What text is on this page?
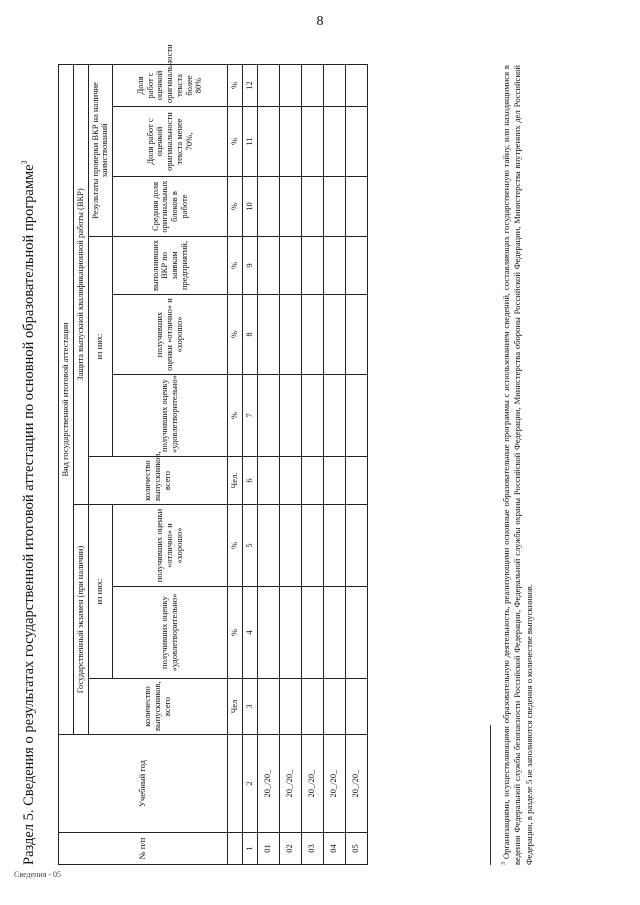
8
Раздел 5. Сведения о результатах государственной итоговой аттестации по основной образовательной программе$^3$
№ п/п	Учебный год	Вид государственной итоговой аттестации									
		Государственный экзамен (при наличии)			Защита выпускной квалификационной работы (ВКР)						
		количество выпускников, всего	из них:		количество выпускников, всего	из них:			Результаты проверки ВКР на наличие заимствований		
			получивших оценку «удовлетворительно»	получивших оценки «отлично» и «хорошо»		получивших оценку «удовлетворительно»	получивших оценки «отлично» и «хорошо»	выполнивших ВКР по заявкам предприятий,	Средняя доля оригинальных блоков в работе	Доля работ с оценкой оригинальности текста менее 70%,	Доля работ с оценкой оригинальности текста более 80%
		Чел	%	%	Чел.	%	%	%	%	%	%
1	2	3	4	5	6	7	8	9	10	11	12
01	20_/20_										
02	20_/20_										
03	20_/20_										
04	20_/20_										
05	20_/20_										
$^3$ Организациями, осуществляющими образовательную деятельность, реализующими основные образовательные программы с использованием сведений, составляющих государственную тайну, или находящимися в ведении Федеральной службы безопасности Российской Федерации, Федеральной службы охраны Российской Федерации, Министерства обороны Российской Федерации, Министерства внутренних дел Российской Федерации, в разделе 5 не заполняются сведения о количестве выпускников.
Сведения - 05
